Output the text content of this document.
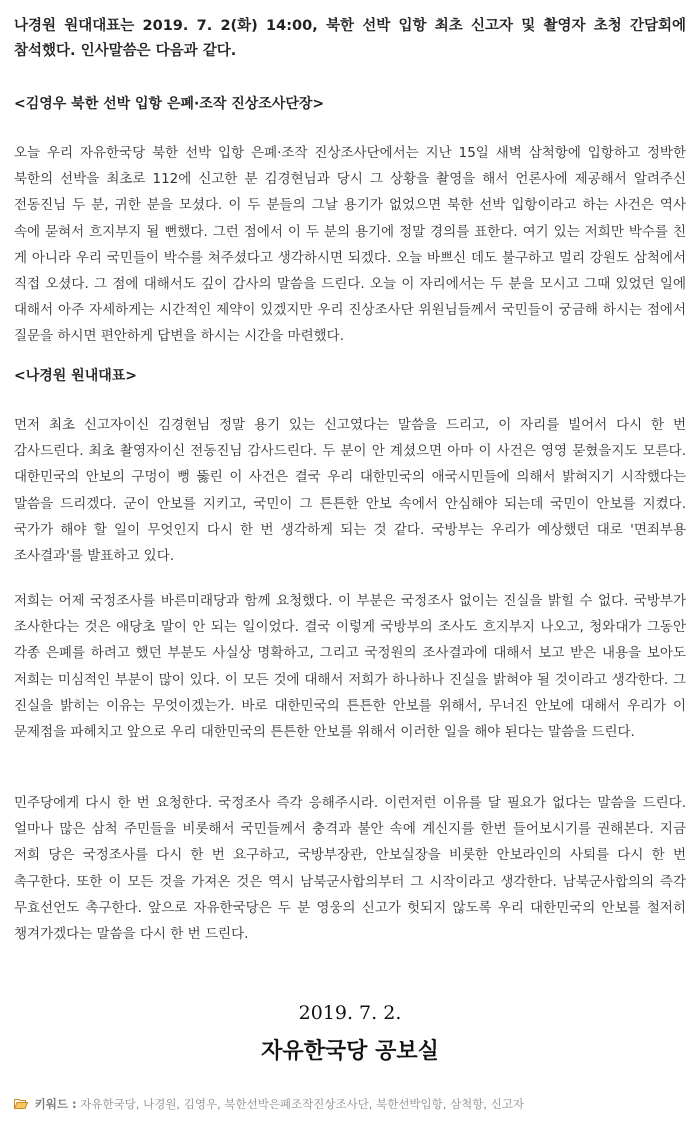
나경원 원대대표는 2019. 7. 2(화) 14:00, 북한 선박 입항 최초 신고자 및 촬영자 초청 간담회에 참석했다. 인사말씀은 다음과 같다.
<김영우 북한 선박 입항 은폐·조작 진상조사단장>
오늘 우리 자유한국당 북한 선박 입항 은폐·조작 진상조사단에서는 지난 15일 새벽 삼척항에 입항하고 정박한 북한의 선박을 최초로 112에 신고한 분 김경현님과 당시 그 상황을 촬영을 해서 언론사에 제공해서 알려주신 전동진님 두 분, 귀한 분을 모셨다. 이 두 분들의 그날 용기가 없었으면 북한 선박 입항이라고 하는 사건은 역사 속에 묻혀서 흐지부지 될 뻔했다. 그런 점에서 이 두 분의 용기에 정말 경의를 표한다. 여기 있는 저희만 박수를 친 게 아니라 우리 국민들이 박수를 쳐주셨다고 생각하시면 되겠다. 오늘 바쁘신 데도 불구하고 멀리 강원도 삼척에서 직접 오셨다. 그 점에 대해서도 깊이 감사의 말씀을 드린다. 오늘 이 자리에서는 두 분을 모시고 그때 있었던 일에 대해서 아주 자세하게는 시간적인 제약이 있겠지만 우리 진상조사단 위원님들께서 국민들이 궁금해 하시는 점에서 질문을 하시면 편안하게 답변을 하시는 시간을 마련했다.
<나경원 원내대표>
먼저 최초 신고자이신 김경현님 정말 용기 있는 신고였다는 말씀을 드리고, 이 자리를 빌어서 다시 한 번 감사드린다. 최초 촬영자이신 전동진님 감사드린다. 두 분이 안 계셨으면 아마 이 사건은 영영 묻혔을지도 모른다. 대한민국의 안보의 구멍이 뻥 뚫린 이 사건은 결국 우리 대한민국의 애국시민들에 의해서 밝혀지기 시작했다는 말씀을 드리겠다. 군이 안보를 지키고, 국민이 그 튼튼한 안보 속에서 안심해야 되는데 국민이 안보를 지켰다. 국가가 해야 할 일이 무엇인지 다시 한 번 생각하게 되는 것 같다. 국방부는 우리가 예상했던 대로 '면죄부용 조사결과'를 발표하고 있다.
저희는 어제 국정조사를 바른미래당과 함께 요청했다. 이 부분은 국정조사 없이는 진실을 밝힐 수 없다. 국방부가 조사한다는 것은 애당초 말이 안 되는 일이었다. 결국 이렇게 국방부의 조사도 흐지부지 나오고, 청와대가 그동안 각종 은폐를 하려고 했던 부분도 사실상 명확하고, 그리고 국정원의 조사결과에 대해서 보고 받은 내용을 보아도 저희는 미심적인 부분이 많이 있다. 이 모든 것에 대해서 저희가 하나하나 진실을 밝혀야 될 것이라고 생각한다. 그 진실을 밝히는 이유는 무엇이겠는가. 바로 대한민국의 튼튼한 안보를 위해서, 무너진 안보에 대해서 우리가 이 문제점을 파헤치고 앞으로 우리 대한민국의 튼튼한 안보를 위해서 이러한 일을 해야 된다는 말씀을 드린다.
민주당에게 다시 한 번 요청한다. 국정조사 즉각 응해주시라. 이런저런 이유를 달 필요가 없다는 말씀을 드린다. 얼마나 많은 삼척 주민들을 비롯해서 국민들께서 충격과 불안 속에 계신지를 한번 들어보시기를 권해본다. 지금 저희 당은 국정조사를 다시 한 번 요구하고, 국방부장관, 안보실장을 비롯한 안보라인의 사퇴를 다시 한 번 촉구한다. 또한 이 모든 것을 가져온 것은 역시 남북군사합의부터 그 시작이라고 생각한다. 남북군사합의의 즉각 무효선언도 촉구한다. 앞으로 자유한국당은 두 분 영웅의 신고가 헛되지 않도록 우리 대한민국의 안보를 철저히 챙겨가겠다는 말씀을 다시 한 번 드린다.
2019. 7. 2.
자유한국당 공보실
키워드 : 자유한국당, 나경원, 김영우, 북한선박은폐조작진상조사단, 북한선박입항, 삼척항, 신고자
